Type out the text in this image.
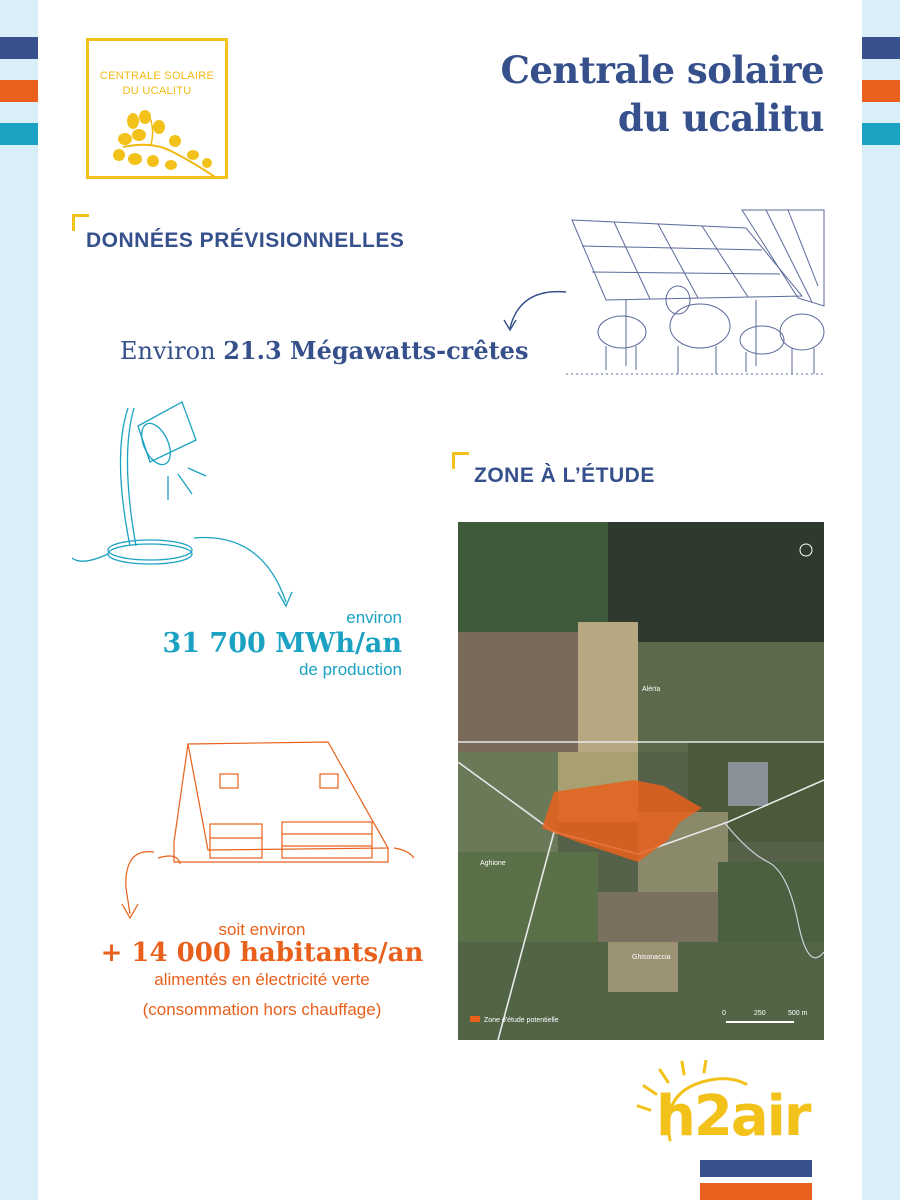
CENTRALE SOLAIRE
DU UCALITU	Centrale solaire
du ucalitu
DONNÉES PRÉVISIONNELLES
Environ 21.3 Mégawatts-crêtes
environ
31 700 MWh/an
de production
soit environ
+ 14 000 habitants/an
alimentés en électricité verte
(consommation hors chauffage)
ZONE À L’ÉTUDE
Alérïa
Aghione
Ghisonaccia
Zone d'étude potentielle
0	250	500 m
h2air
